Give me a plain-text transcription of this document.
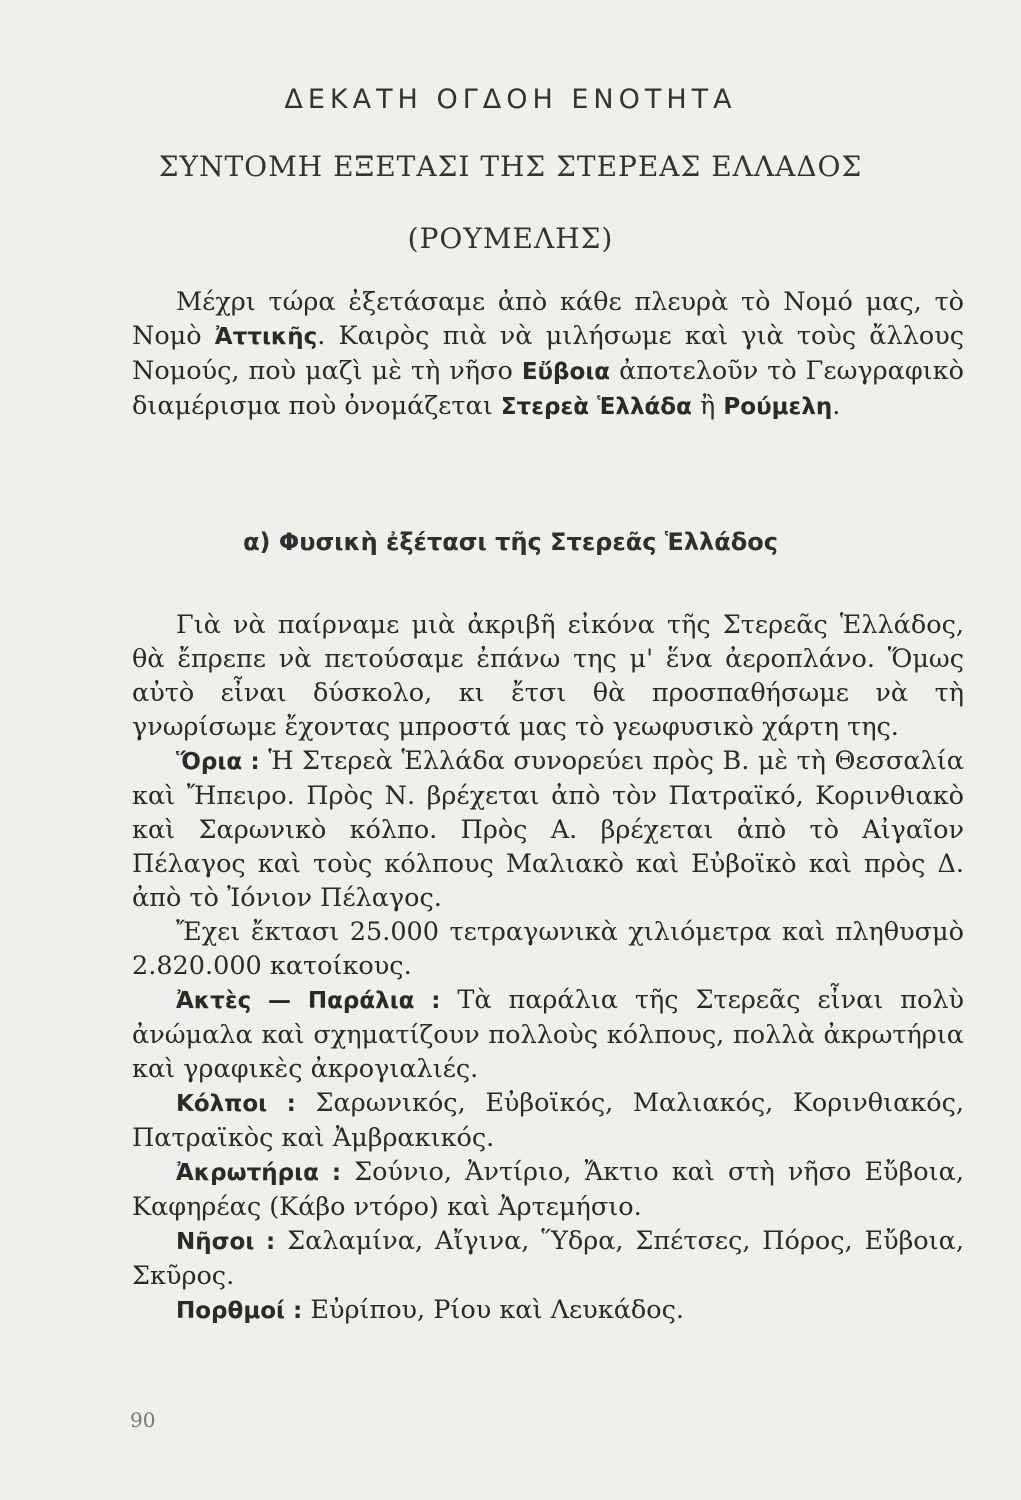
ΔΕΚΑΤΗ ΟΓΔΟΗ ΕΝΟΤΗΤΑ
ΣΥΝΤΟΜΗ ΕΞΕΤΑΣΙ ΤΗΣ ΣΤΕΡΕΑΣ ΕΛΛΑΔΟΣ
(ΡΟΥΜΕΛΗΣ)

Μέχρι τώρα ἐξετάσαμε ἀπὸ κάθε πλευρὰ τὸ Νομό μας, τὸ Νομὸ Ἀττικῆς. Καιρὸς πιὰ νὰ μιλήσωμε καὶ γιὰ τοὺς ἄλλους Νομούς, ποὺ μαζὶ μὲ τὴ νῆσο Εὔβοια ἀποτελοῦν τὸ Γεωγραφικὸ διαμέρισμα ποὺ ὀνομάζεται Στερεὰ Ἑλλάδα ἢ Ρούμελη.

α) Φυσικὴ ἐξέτασι τῆς Στερεᾶς Ἑλλάδος

Γιὰ νὰ παίρναμε μιὰ ἀκριβῆ εἰκόνα τῆς Στερεᾶς Ἑλλάδος, θὰ ἔπρεπε νὰ πετούσαμε ἐπάνω της μ' ἕνα ἀεροπλάνο. Ὅμως αὐτὸ εἶναι δύσκολο, κι ἔτσι θὰ προσπαθήσωμε νὰ τὴ γνωρίσωμε ἔχοντας μπροστά μας τὸ γεωφυσικὸ χάρτη της.

Ὅρια : Ἡ Στερεὰ Ἑλλάδα συνορεύει πρὸς Β. μὲ τὴ Θεσσαλία καὶ Ἤπειρο. Πρὸς Ν. βρέχεται ἀπὸ τὸν Πατραϊκό, Κορινθιακὸ καὶ Σαρωνικὸ κόλπο. Πρὸς Α. βρέχεται ἀπὸ τὸ Αἰγαῖον Πέλαγος καὶ τοὺς κόλπους Μαλιακὸ καὶ Εὐβοϊκὸ καὶ πρὸς Δ. ἀπὸ τὸ Ἰόνιον Πέλαγος.

Ἔχει ἔκτασι 25.000 τετραγωνικὰ χιλιόμετρα καὶ πληθυσμὸ 2.820.000 κατοίκους.

Ἀκτὲς — Παράλια : Τὰ παράλια τῆς Στερεᾶς εἶναι πολὺ ἀνώμαλα καὶ σχηματίζουν πολλοὺς κόλπους, πολλὰ ἀκρωτήρια καὶ γραφικὲς ἀκρογιαλιές.

Κόλποι : Σαρωνικός, Εὐβοϊκός, Μαλιακός, Κορινθιακός, Πατραϊκὸς καὶ Ἀμβρακικός.

Ἀκρωτήρια : Σούνιο, Ἀντίριο, Ἄκτιο καὶ στὴ νῆσο Εὔβοια, Καφηρέας (Κάβο ντόρο) καὶ Ἀρτεμήσιο.

Νῆσοι : Σαλαμίνα, Αἴγινα, Ὕδρα, Σπέτσες, Πόρος, Εὔβοια, Σκῦρος.

Πορθμοί : Εὐρίπου, Ρίου καὶ Λευκάδος.

90
